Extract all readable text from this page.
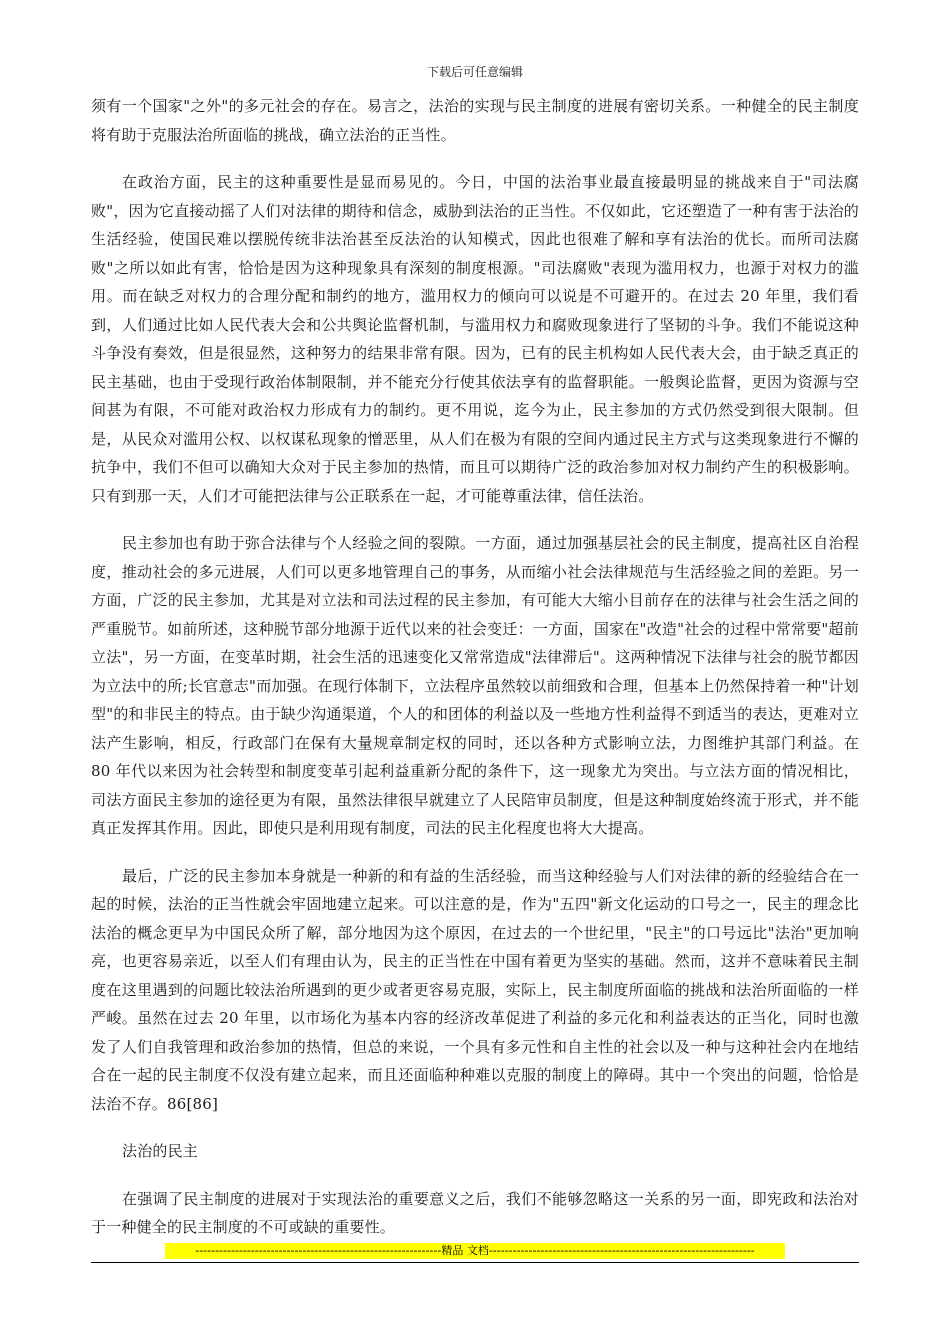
下载后可任意编辑

须有一个国家"之外"的多元社会的存在。易言之，法治的实现与民主制度的进展有密切关系。一种健全的民主制度将有助于克服法治所面临的挑战，确立法治的正当性。

在政治方面，民主的这种重要性是显而易见的。今日，中国的法治事业最直接最明显的挑战来自于"司法腐败"，因为它直接动摇了人们对法律的期待和信念，威胁到法治的正当性。不仅如此，它还塑造了一种有害于法治的生活经验，使国民难以摆脱传统非法治甚至反法治的认知模式，因此也很难了解和享有法治的优长。而所司法腐败"之所以如此有害，恰恰是因为这种现象具有深刻的制度根源。"司法腐败"表现为滥用权力，也源于对权力的滥用。而在缺乏对权力的合理分配和制约的地方，滥用权力的倾向可以说是不可避开的。在过去 20 年里，我们看到，人们通过比如人民代表大会和公共舆论监督机制，与滥用权力和腐败现象进行了坚韧的斗争。我们不能说这种斗争没有奏效，但是很显然，这种努力的结果非常有限。因为，已有的民主机构如人民代表大会，由于缺乏真正的民主基础，也由于受现行政治体制限制，并不能充分行使其依法享有的监督职能。一般舆论监督，更因为资源与空间甚为有限，不可能对政治权力形成有力的制约。更不用说，迄今为止，民主参加的方式仍然受到很大限制。但是，从民众对滥用公权、以权谋私现象的憎恶里，从人们在极为有限的空间内通过民主方式与这类现象进行不懈的抗争中，我们不但可以确知大众对于民主参加的热情，而且可以期待广泛的政治参加对权力制约产生的积极影响。只有到那一天，人们才可能把法律与公正联系在一起，才可能尊重法律，信任法治。

民主参加也有助于弥合法律与个人经验之间的裂隙。一方面，通过加强基层社会的民主制度，提高社区自治程度，推动社会的多元进展，人们可以更多地管理自己的事务，从而缩小社会法律规范与生活经验之间的差距。另一方面，广泛的民主参加，尤其是对立法和司法过程的民主参加，有可能大大缩小目前存在的法律与社会生活之间的严重脱节。如前所述，这种脱节部分地源于近代以来的社会变迁：一方面，国家在"改造"社会的过程中常常要"超前立法"，另一方面，在变革时期，社会生活的迅速变化又常常造成"法律滞后"。这两种情况下法律与社会的脱节都因为立法中的所;长官意志"而加强。在现行体制下，立法程序虽然较以前细致和合理，但基本上仍然保持着一种"计划型"的和非民主的特点。由于缺少沟通渠道，个人的和团体的利益以及一些地方性利益得不到适当的表达，更难对立法产生影响，相反，行政部门在保有大量规章制定权的同时，还以各种方式影响立法，力图维护其部门利益。在 80 年代以来因为社会转型和制度变革引起利益重新分配的条件下，这一现象尤为突出。与立法方面的情况相比，司法方面民主参加的途径更为有限，虽然法律很早就建立了人民陪审员制度，但是这种制度始终流于形式，并不能真正发挥其作用。因此，即使只是利用现有制度，司法的民主化程度也将大大提高。

最后，广泛的民主参加本身就是一种新的和有益的生活经验，而当这种经验与人们对法律的新的经验结合在一起的时候，法治的正当性就会牢固地建立起来。可以注意的是，作为"五四"新文化运动的口号之一，民主的理念比法治的概念更早为中国民众所了解，部分地因为这个原因，在过去的一个世纪里，"民主"的口号远比"法治"更加响亮，也更容易亲近，以至人们有理由认为，民主的正当性在中国有着更为坚实的基础。然而，这并不意味着民主制度在这里遇到的问题比较法治所遇到的更少或者更容易克服，实际上，民主制度所面临的挑战和法治所面临的一样严峻。虽然在过去 20 年里，以市场化为基本内容的经济改革促进了利益的多元化和利益表达的正当化，同时也激发了人们自我管理和政治参加的热情，但总的来说，一个具有多元性和自主性的社会以及一种与这种社会内在地结合在一起的民主制度不仅没有建立起来，而且还面临种种难以克服的制度上的障碍。其中一个突出的问题，恰恰是法治不存。86[86]

法治的民主

在强调了民主制度的进展对于实现法治的重要意义之后，我们不能够忽略这一关系的另一面，即宪政和法治对于一种健全的民主制度的不可或缺的重要性。

--------------------------------------------------------------精品 文档-------------------------------------------------------------------
